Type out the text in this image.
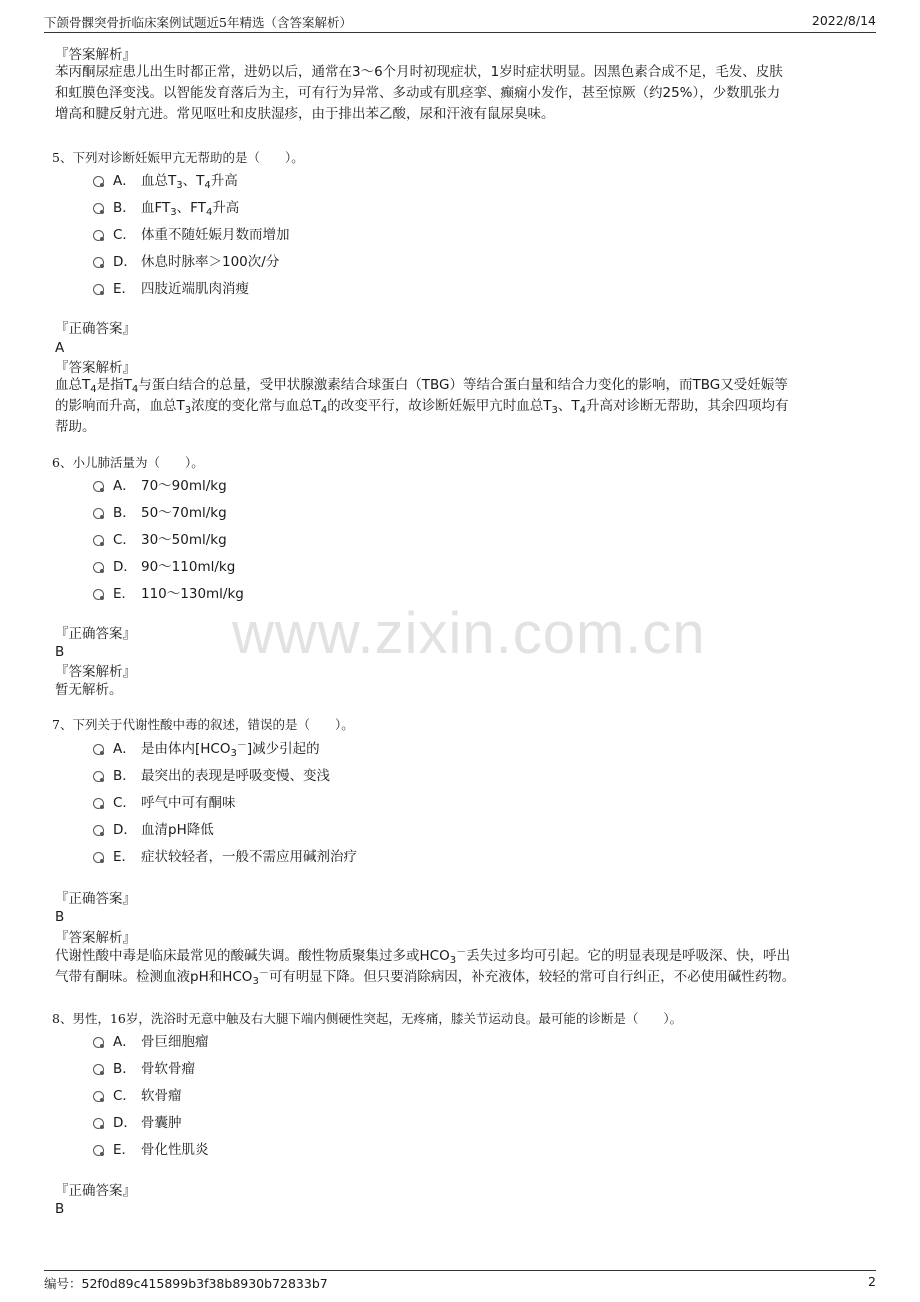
下颌骨髁突骨折临床案例试题近5年精选（含答案解析）	2022/8/14
www.zixin.com.cn
『答案解析』
苯丙酮尿症患儿出生时都正常，进奶以后，通常在3～6个月时初现症状，1岁时症状明显。因黑色素合成不足，毛发、皮肤
和虹膜色泽变浅。以智能发育落后为主，可有行为异常、多动或有肌痉挛、癫痫小发作，甚至惊厥（约25%），少数肌张力
增高和腱反射亢进。常见呕吐和皮肤湿疹，由于排出苯乙酸，尿和汗液有鼠尿臭味。
5、下列对诊断妊娠甲亢无帮助的是（　　）。
A． 血总$T_3$、$T_4$升高
B． 血$FT_3$、$FT_4$升高
C． 体重不随妊娠月数而增加
D． 休息时脉率＞100次/分
E． 四肢近端肌肉消瘦
『正确答案』
A
『答案解析』
血总$T_4$是指$T_4$与蛋白结合的总量，受甲状腺激素结合球蛋白（TBG）等结合蛋白量和结合力变化的影响，而TBG又受妊娠等
的影响而升高，血总$T_3$浓度的变化常与血总$T_4$的改变平行，故诊断妊娠甲亢时血总$T_3$、$T_4$升高对诊断无帮助，其余四项均有
帮助。
6、小儿肺活量为（　　）。
A． 70～90ml/kg
B． 50～70ml/kg
C． 30～50ml/kg
D． 90～110ml/kg
E． 110～130ml/kg
『正确答案』
B
『答案解析』
暂无解析。
7、下列关于代谢性酸中毒的叙述，错误的是（　　）。
A． 是由体内$[HCO_3^-]$减少引起的
B． 最突出的表现是呼吸变慢、变浅
C． 呼气中可有酮味
D． 血清pH降低
E． 症状较轻者，一般不需应用碱剂治疗
『正确答案』
B
『答案解析』
代谢性酸中毒是临床最常见的酸碱失调。酸性物质聚集过多或$HCO_3^-$丢失过多均可引起。它的明显表现是呼吸深、快，呼出
气带有酮味。检测血液pH和$HCO_3^-$可有明显下降。但只要消除病因，补充液体，较轻的常可自行纠正，不必使用碱性药物。
8、男性，16岁，洗浴时无意中触及右大腿下端内侧硬性突起，无疼痛，膝关节运动良。最可能的诊断是（　　）。
A． 骨巨细胞瘤
B． 骨软骨瘤
C． 软骨瘤
D． 骨囊肿
E． 骨化性肌炎
『正确答案』
B
编号：52f0d89c415899b3f38b8930b72833b7	2
